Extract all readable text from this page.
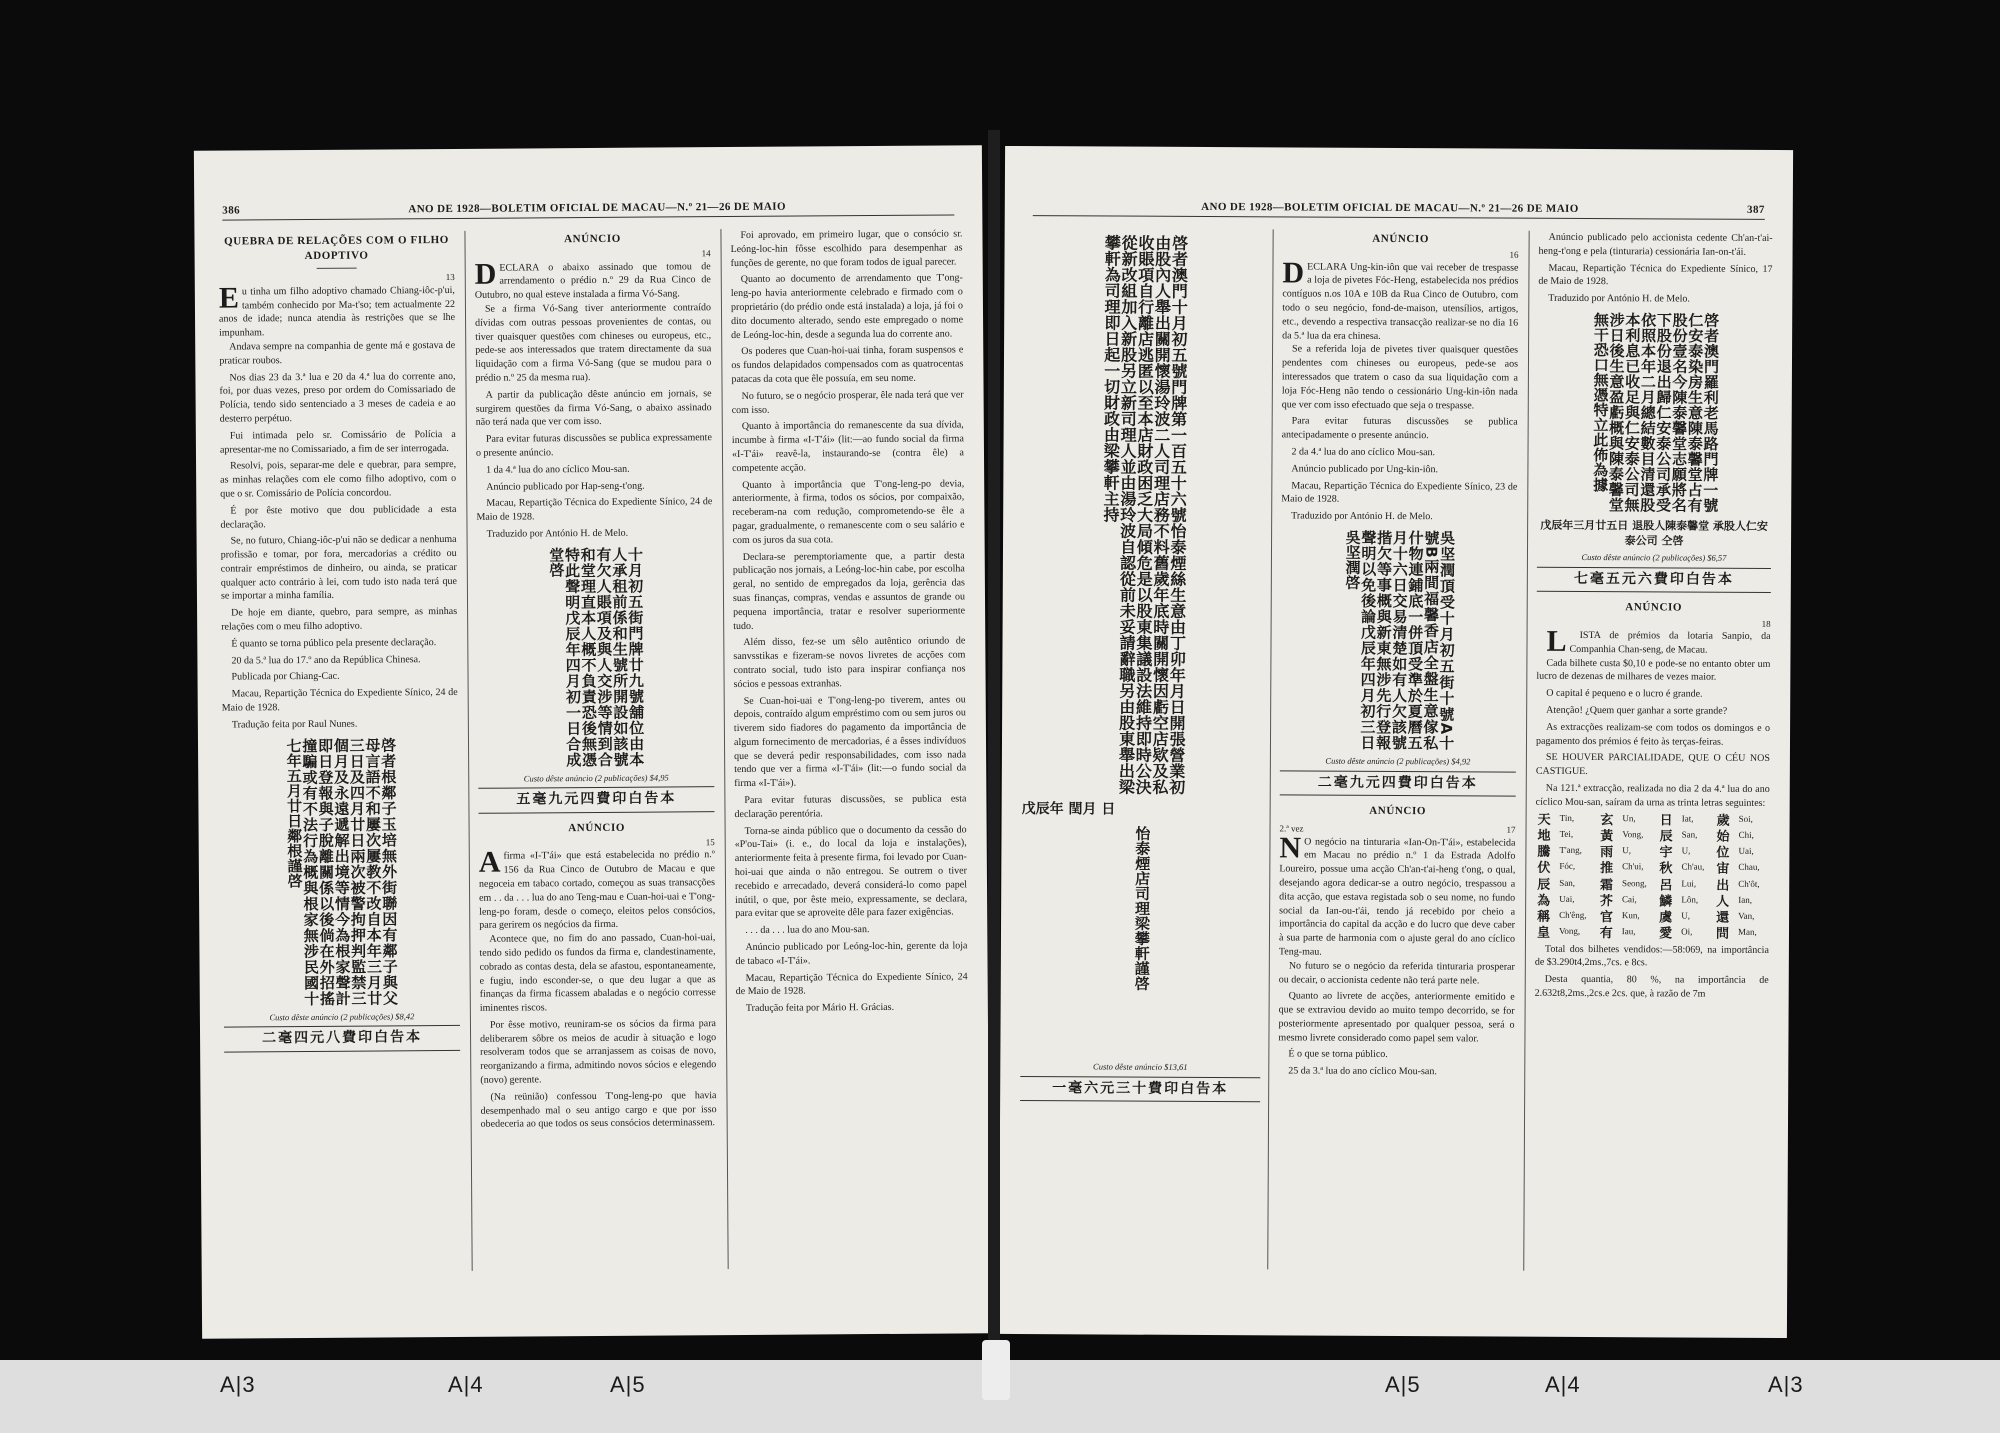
386	ANO DE 1928—BOLETIM OFICIAL DE MACAU—N.º 21—26 DE MAIO
QUEBRA DE RELAÇÕES COM O FILHO ADOPTIVO
13
E u tinha um filho adoptivo chamado Chiang-iôc-p'ui, também conhecido por Ma-t'so; tem actualmente 22 anos de idade; nunca atendia às restrições que se lhe impunham.

Andava sempre na companhia de gente má e gostava de praticar roubos.

Nos dias 23 da 3.ª lua e 20 da 4.ª lua do corrente ano, foi, por duas vezes, preso por ordem do Comissariado de Polícia, tendo sido sentenciado a 3 meses de cadeia e ao desterro perpétuo.

Fui intimada pelo sr. Comissário de Polícia a apresentar-me no Comissariado, a fim de ser interrogada.

Resolvi, pois, separar-me dele e quebrar, para sempre, as minhas relações com ele como filho adoptivo, com o que o sr. Comissário de Polícia concordou.

É por êste motivo que dou publicidade a esta declaração.

Se, no futuro, Chiang-iôc-p'ui não se dedicar a nenhuma profissão e tomar, por fora, mercadorias a crédito ou contrair empréstimos de dinheiro, ou ainda, se praticar qualquer acto contrário à lei, com tudo isto nada terá que se importar a minha família.

De hoje em diante, quebro, para sempre, as minhas relações com o meu filho adoptivo.

É quanto se torna público pela presente declaração.

20 da 5.ª lua do 17.º ano da República Chinesa.

Publicada por Chiang-Cac.

Macau, Repartição Técnica do Expediente Sínico, 24 de Maio de 1928.

Tradução feita por Raul Nunes.

啓者根鄰子玉培無外街聯因有鄰子與父母言語不和屢次屢教不改自本年三月廿三日及四月廿日兩次被警拘押判監禁三個月及永遠遞解出境等情今為根家聲計即日登報與子脫離關係以後倘在外招搖撞騙或有不法行為概與根家無涉民國十七年五月廿日鄰根謹啓
Custo dêste anúncio (2 publicações) $8,42
二毫四元八費印白告本
ANÚNCIO
14
D ECLARA o abaixo assinado que tomou de arrendamento o prédio n.º 29 da Rua Cinco de Outubro, no qual esteve instalada a firma Vó-Sang.

Se a firma Vó-Sang tiver anteriormente contraído dívidas com outras pessoas provenientes de contas, ou tiver quaisquer questões com chineses ou europeus, etc., pede-se aos interessados que tratem directamente da sua liquidação com a firma Vó-Sang (que se mudou para o prédio n.º 25 da mesma rua).

A partir da publicação dêste anúncio em jornais, se surgirem questões da firma Vó-Sang, o abaixo assinado não terá nada que ver com isso.

Para evitar futuras discussões se publica expressamente o presente anúncio.

1 da 4.ª lua do ano cíclico Mou-san.

Anúncio publicado por Hap-seng-t'ong.

Macau, Repartição Técnica do Expediente Sínico, 24 de Maio de 1928.

Traduzido por António H. de Melo.

十月初五街門牌廿九號舖位由本人承租前係和生號所開設如該號有欠人賬項及與人交涉等情到合和堂理直本人概不負責恐後無憑特此聲明戊辰年四月初一日合成堂啓
Custo dêste anúncio (2 publicações) $4,95
五毫九元四費印白告本
ANÚNCIO
15
A firma «I-T'ái» que está estabelecida no prédio n.º 156 da Rua Cinco de Outubro de Macau e que negoceia em tabaco cortado, começou as suas transacções em . . da . . . lua do ano Teng-mau e Cuan-hoi-uai e T'ong-leng-po foram, desde o começo, eleitos pelos consócios, para gerirem os negócios da firma.

Acontece que, no fim do ano passado, Cuan-hoi-uai, tendo sido pedido os fundos da firma e, clandestinamente, cobrado as contas desta, dela se afastou, espontaneamente, e fugiu, indo esconder-se, o que deu lugar a que as finanças da firma ficassem abaladas e o negócio corresse iminentes riscos.

Por êsse motivo, reuniram-se os sócios da firma para deliberarem sôbre os meios de acudir à situação e logo resolveram todos que se arranjassem as coisas de novo, reorganizando a firma, admitindo novos sócios e elegendo (novo) gerente.

(Na reünião) confessou T'ong-leng-po que havia desempenhado mal o seu antigo cargo e que por isso obedeceria ao que todos os seus consócios determinassem.

Foi aprovado, em primeiro lugar, que o consócio sr. Leóng-loc-hin fôsse escolhido para desempenhar as funções de gerente, no que foram todos de igual parecer.

Quanto ao documento de arrendamento que T'ong-leng-po havia anteriormente celebrado e firmado com o proprietário (do prédio onde está instalada) a loja, já foi o dito documento alterado, sendo este empregado o nome de Leóng-loc-hin, desde a segunda lua do corrente ano.

Os poderes que Cuan-hoi-uai tinha, foram suspensos e os fundos delapidados compensados com as quatrocentas patacas da cota que êle possuía, em seu nome.

No futuro, se o negócio prosperar, êle nada terá que ver com isso.

Quanto à importância do remanescente da sua dívida, incumbe à firma «I-T'ái» (lit:—ao fundo social da firma «I-T'ái» reavê-la, instaurando-se (contra êle) a competente acção.

Quanto à importância que T'ong-leng-po devia, anteriormente, à firma, todos os sócios, por compaixão, receberam-na com redução, comprometendo-se êle a pagar, gradualmente, o remanescente com o seu salário e com os juros da sua cota.

Declara-se peremptoriamente que, a partir desta publicação nos jornais, a Leóng-loc-hin cabe, por escolha geral, no sentido de empregados da loja, gerência das suas finanças, compras, vendas e assuntos de grande ou pequena importância, tratar e resolver superiormente tudo.

Além disso, fez-se um sêlo autêntico oriundo de sanvsstikas e fizeram-se novos livretes de acções com contrato social, tudo isto para inspirar confiança nos sócios e pessoas extranhas.

Se Cuan-hoi-uai e T'ong-leng-po tiverem, antes ou depois, contraído algum empréstimo com ou sem juros ou tiverem sido fiadores do pagamento da importância de algum fornecimento de mercadorias, é a êsses indivíduos que se deverá pedir responsabilidades, com isso nada tendo que ver a firma «I-T'ái» (lit:—o fundo social da firma «I-T'ái»).

Para evitar futuras discussões, se publica esta declaração perentória.

Torna-se ainda público que o documento da cessão do «P'ou-Tai» (i. e., do local da loja e instalações), anteriormente feita à presente firma, foi levado por Cuan-hoi-uai que ainda o não entregou. Se outrem o tiver recebido e arrecadado, deverá considerá-lo como papel inútil, o que, por êste meio, expressamente, se declara, para evitar que se aproveite dêle para fazer exigências.

. . . da . . . lua do ano Mou-san.

Anúncio publicado por Leóng-loc-hin, gerente da loja de tabaco «I-T'ái».

Macau, Repartição Técnica do Expediente Sínico, 24 de Maio de 1928.

Tradução feita por Mário H. Grácias.

ANO DE 1928—BOLETIM OFICIAL DE MACAU—N.º 21—26 DE MAIO	387
啓者澳門十月初五號門牌第一百五十六號怡泰煙絲生意由丁卯年月日開張營業初由股內人舉出關開懷湯玲波二人司理店務不料舊歲年底時關開懷因虧空店欵及私收賬項自行離店逃匿以至本店財政困乏大局傾危是以股東集議設法維持即時公決從新改組加入新股另立新司理人並由湯玲波自認從前未妥請辭職另由股東舉出梁攀軒為司理即日起一切財政由梁攀軒主持
戊辰年 閏月 日
怡泰煙店司理梁攀軒謹啓
Custo dêste anúncio $13,61
一毫六元三十費印白告本
ANÚNCIO
16
D ECLARA Ung-kin-iôn que vai receber de trespasse a loja de pivetes Fóc-Heng, estabelecida nos prédios contíguos n.os 10A e 10B da Rua Cinco de Outubro, com todo o seu negócio, fond-de-maison, utensílios, artigos, etc., devendo a respectiva transacção realizar-se no dia 16 da 5.ª lua da era chinesa.

Se a referida loja de pivetes tiver quaisquer questões pendentes com chineses ou europeus, pede-se aos interessados que tratem o caso da sua liquidação com a loja Fóc-Heng não tendo o cessionário Ung-kin-iôn nada que ver com isso efectuado que seja o trespasse.

Para evitar futuras discussões se publica antecipadamente o presente anúncio.

2 da 4.ª lua do ano cíclico Mou-san.

Anúncio publicado por Ung-kin-iôn.

Macau, Repartição Técnica do Expediente Sínico, 23 de Maio de 1928.

Traduzido por António H. de Melo.

吳坚潤頂受十月初五街十號A十號B兩間福馨香店全盤生意傢私什物連鋪底一併頂受準於夏曆五月十六日交易清楚如有人欠該號揩欠等事概與新東無涉先行登報聲明以免後論戊辰年四月初三日吳坚潤啓
Custo dêste anúncio (2 publicações) $4,92
二毫九元四費印白告本
ANÚNCIO
2.ª vez	17
N O negócio na tinturaria «Ian-On-T'ái», estabelecida em Macau no prédio n.º 1 da Estrada Adolfo Loureiro, possue uma acção Ch'an-t'ai-heng t'ong, o qual, desejando agora dedicar-se a outro negócio, trespassou a dita acção, que estava registada sob o seu nome, no fundo social da Ian-ou-t'ái, tendo já recebido por cheio a importância do capital da acção e do lucro que deve caber à sua parte de harmonia com o ajuste geral do ano cíclico Teng-mau.

No futuro se o negócio da referida tinturaria prosperar ou decair, o accionista cedente não terá parte nele.

Quanto ao livrete de acções, anteriormente emitido e que se extraviou devido ao muito tempo decorrido, se for posteriormente apresentado por qualquer pessoa, será o mesmo livrete considerado como papel sem valor.

É o que se torna público.

25 da 3.ª lua do ano cíclico Mou-san.

Anúncio publicado pelo accionista cedente Ch'an-t'ai-heng-t'ong e pela (tinturaria) cessionária Ian-on-t'ái.

Macau, Repartição Técnica do Expediente Sínico, 17 de Maio de 1928.

Traduzido por António H. de Melo.

啓者澳門羅利老馬路門牌一號仁安泰染房生意陳泰馨堂占有股份壹名今陳泰馨堂志願將名下股份退出歸仁安泰公司承受依照本年二月總結數目清還股本利息已收足與仁安泰公司無涉日後生意盈虧概與陳泰馨堂無干恐口無憑特立此佈為據
戊辰年三月廿五日 退股人陳泰馨堂 承股人仁安泰公司 仝啓
Custo dêste anúncio (2 publicações) $6,57
七毫五元六費印白告本
ANÚNCIO
18

L ISTA de prémios da lotaria Sanpio, da Companhia Chan-seng, de Macau.

Cada bilhete custa $0,10 e pode-se no entanto obter um lucro de dezenas de milhares de vezes maior.

O capital é pequeno e o lucro é grande.

Atenção! ¿Quem quer ganhar a sorte grande?

As extracções realizam-se com todos os domingos e o pagamento dos prémios é feito às terças-feiras.

SE HOUVER PARCIALIDADE, QUE O CÉU NOS CASTIGUE.

Na 121.ª extracção, realizada no dia 2 da 4.ª lua do ano cíclico Mou-san, saíram da urna as trinta letras seguintes:

天	Tin,	玄	Un,	日	Iat,	歲	Soi,
地	Tei,	黃	Vong,	辰	San,	始	Chi,
騰	T'ang,	雨	U,	宇	U,	位	Uai,
伏	Fóc,	推	Ch'ui,	秋	Ch'au,	宙	Chau,
辰	San,	霜	Seong,	呂	Lui,	出	Ch'ôt,
為	Uai,	芥	Cai,	鱗	Lôn,	人	Ian,
稱	Ch'êng,	官	Kun,	虞	U,	還	Van,
皇	Vong,	有	Iau,	愛	Oi,	問	Man,

Total dos bilhetes vendidos:—58:069, na importância de $3.290t4,2ms.,7cs. e 8cs.

Desta quantia, 80 %, na importância de 2.632t8,2ms.,2cs.e 2cs. que, à razão de 7m

A|3	A|4	A|5	A|5	A|4	A|3
